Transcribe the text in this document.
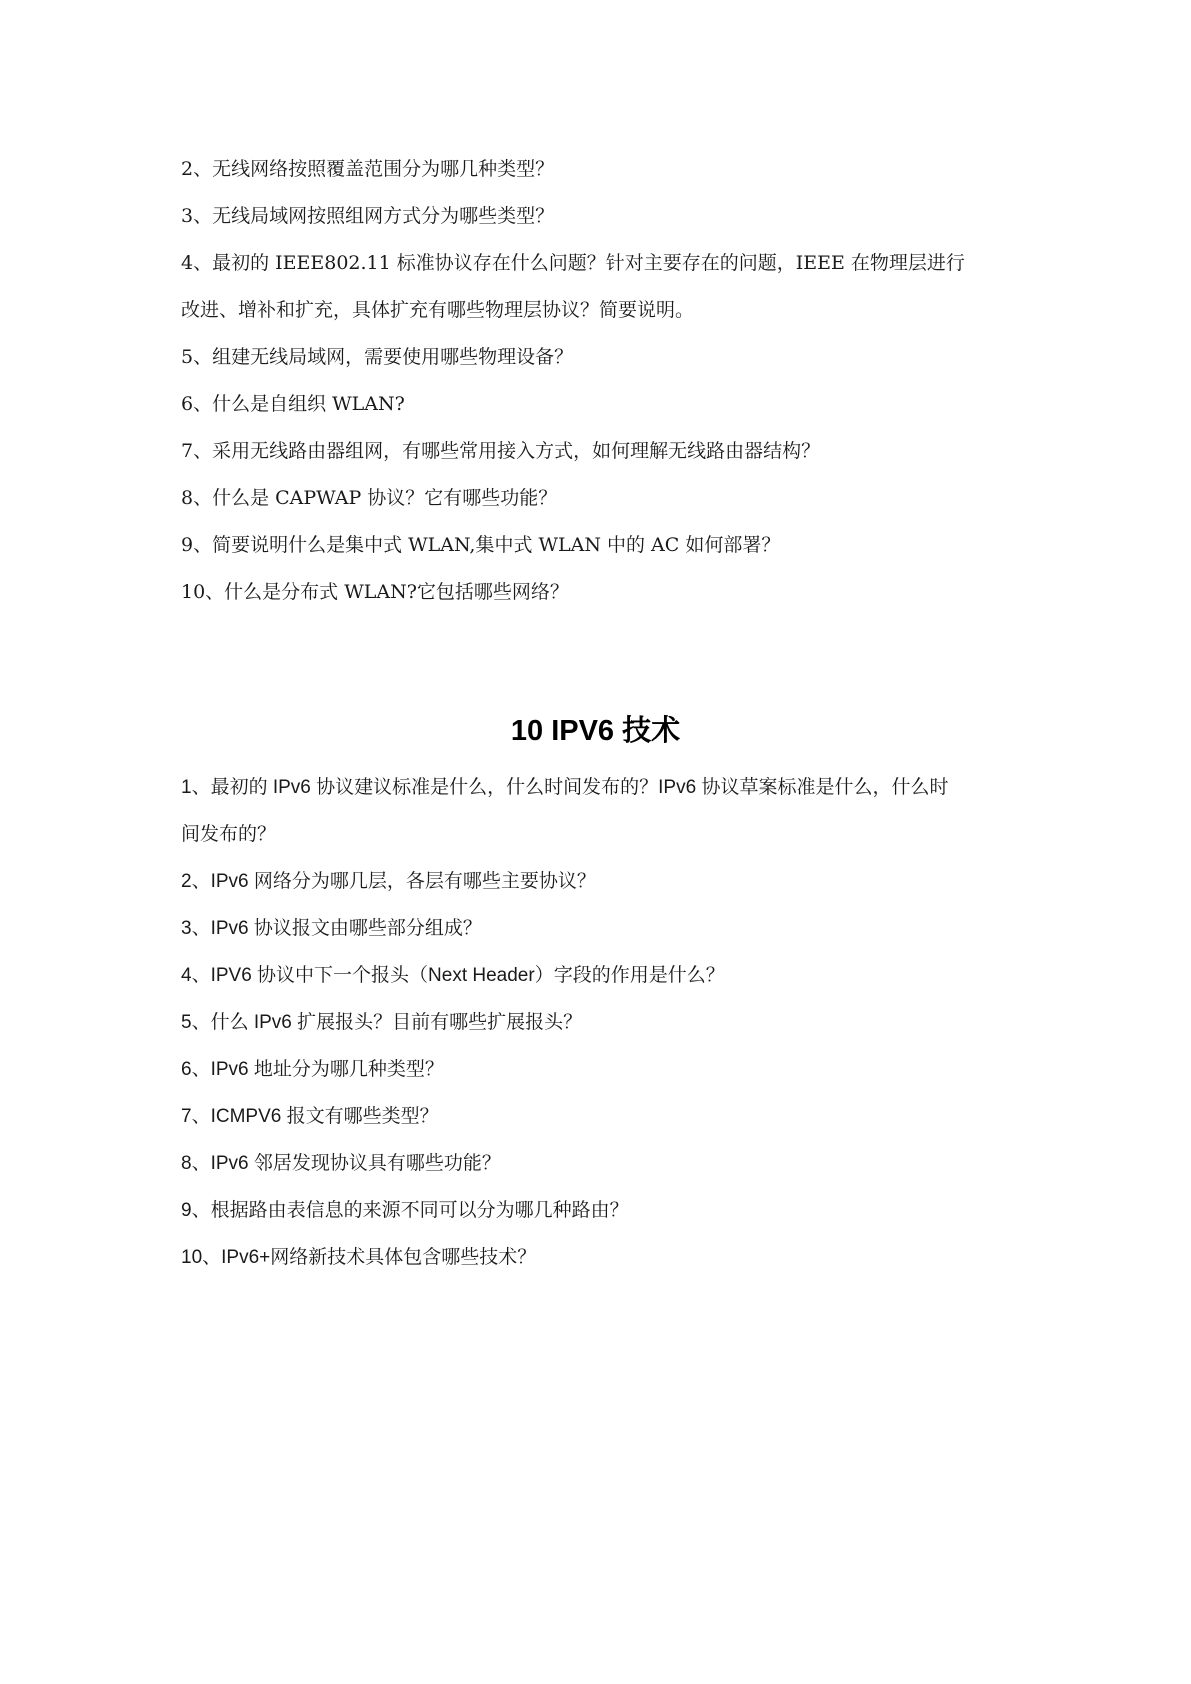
2、无线网络按照覆盖范围分为哪几种类型？
3、无线局域网按照组网方式分为哪些类型？
4、最初的 IEEE802.11 标准协议存在什么问题？针对主要存在的问题，IEEE 在物理层进行
改进、增补和扩充，具体扩充有哪些物理层协议？简要说明。
5、组建无线局域网，需要使用哪些物理设备？
6、什么是自组织 WLAN?
7、采用无线路由器组网，有哪些常用接入方式，如何理解无线路由器结构？
8、什么是 CAPWAP 协议？它有哪些功能？
9、简要说明什么是集中式 WLAN,集中式 WLAN 中的 AC 如何部署？
10、什么是分布式 WLAN?它包括哪些网络？
10 IPV6 技术
1、最初的 IPv6 协议建议标准是什么，什么时间发布的？IPv6 协议草案标准是什么，什么时
间发布的？
2、IPv6 网络分为哪几层，各层有哪些主要协议？
3、IPv6 协议报文由哪些部分组成？
4、IPV6 协议中下一个报头（Next Header）字段的作用是什么？
5、什么 IPv6 扩展报头？目前有哪些扩展报头？
6、IPv6 地址分为哪几种类型？
7、ICMPV6 报文有哪些类型？
8、IPv6 邻居发现协议具有哪些功能？
9、根据路由表信息的来源不同可以分为哪几种路由？
10、IPv6+网络新技术具体包含哪些技术？
